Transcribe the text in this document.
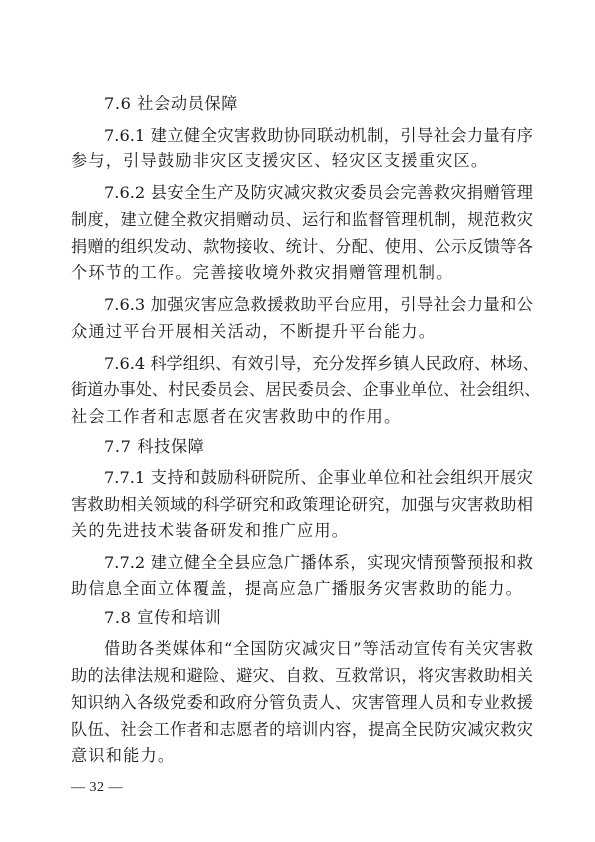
7.6 社会动员保障
7.6.1 建立健全灾害救助协同联动机制，引导社会力量有序
参与，引导鼓励非灾区支援灾区、轻灾区支援重灾区。
7.6.2 县安全生产及防灾减灾救灾委员会完善救灾捐赠管理
制度，建立健全救灾捐赠动员、运行和监督管理机制，规范救灾
捐赠的组织发动、款物接收、统计、分配、使用、公示反馈等各
个环节的工作。完善接收境外救灾捐赠管理机制。
7.6.3 加强灾害应急救援救助平台应用，引导社会力量和公
众通过平台开展相关活动，不断提升平台能力。
7.6.4 科学组织、有效引导，充分发挥乡镇人民政府、林场、
街道办事处、村民委员会、居民委员会、企事业单位、社会组织、
社会工作者和志愿者在灾害救助中的作用。
7.7 科技保障
7.7.1 支持和鼓励科研院所、企事业单位和社会组织开展灾
害救助相关领域的科学研究和政策理论研究，加强与灾害救助相
关的先进技术装备研发和推广应用。
7.7.2 建立健全全县应急广播体系，实现灾情预警预报和救
助信息全面立体覆盖，提高应急广播服务灾害救助的能力。
7.8 宣传和培训
借助各类媒体和“全国防灾减灾日”等活动宣传有关灾害救
助的法律法规和避险、避灾、自救、互救常识，将灾害救助相关
知识纳入各级党委和政府分管负责人、灾害管理人员和专业救援
队伍、社会工作者和志愿者的培训内容，提高全民防灾减灾救灾
意识和能力。
— 32 —
